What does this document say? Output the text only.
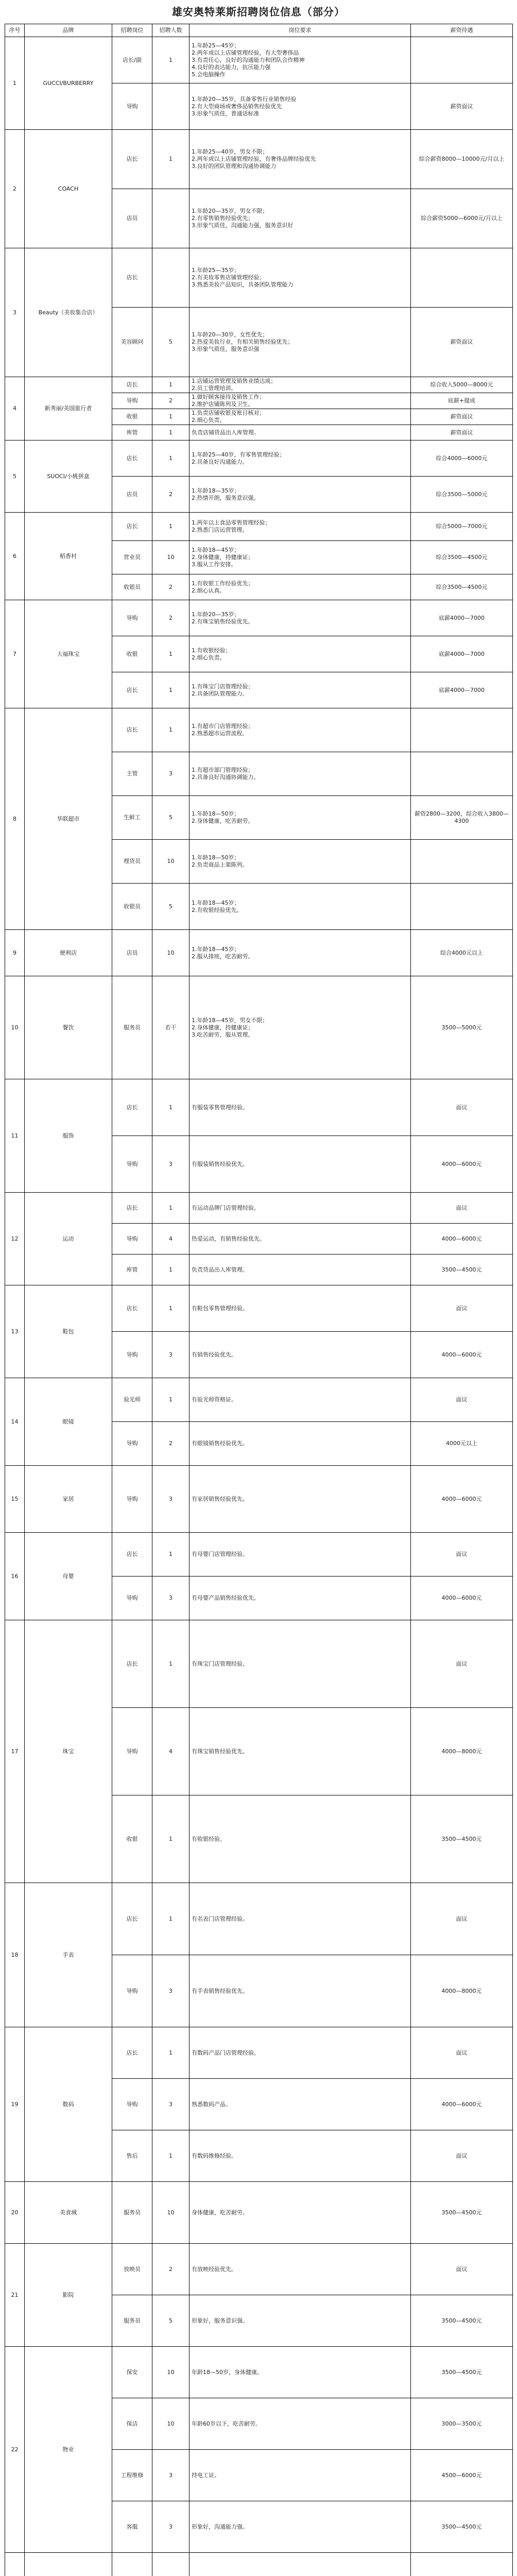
雄安奥特莱斯招聘岗位信息（部分）
序号	品牌	招聘岗位	招聘人数	岗位要求	薪资待遇
1	GUCCI/BURBERRY	店长/副	1	1.年龄25—45岁；
2.两年或以上店铺管理经验，有大型奢侈品
3.有责任心，良好的沟通能力和团队合作精神
4.良好的表达能力，抗压能力强
5.会电脑操作	
		导购		1.年龄20—35岁，具备零售行业销售经验
2.有大型商场或奢侈品销售经验优先
3.形象气质佳，普通话标准	薪资面议
2	COACH	店长	1	1.年龄25—40岁，男女不限；
2.两年或以上店铺管理经验，有奢侈品牌经验优先
3.良好的团队管理和沟通协调能力	综合薪资8000—10000元/月以上
		店员		1.年龄20—35岁，男女不限；
2.有零售销售经验优先；
3.形象气质佳，沟通能力强，服务意识好	综合薪资5000—6000元/月以上
3	Beauty（美妆集合店）	店长		1.年龄25—35岁；
2.有美妆零售店铺管理经验；
3.熟悉美妆产品知识，具备团队管理能力	
		美容顾问	5	1.年龄20—30岁，女性优先；
2.热爱美妆行业，有相关销售经验优先；
3.形象气质佳，服务意识强	薪资面议
4	新秀丽/美国旅行者	店长	1	1.店铺运营管理及销售业绩达成；
2.员工管理培训。	综合收入5000—8000元
		导购	2	1.做好顾客接待及销售工作；
2.维护店铺陈列及卫生。	底薪+提成
		收银	1	1.负责店铺收银及账目核对；
2.细心负责。	薪资面议
		库管	1	负责店铺货品出入库管理。	薪资面议
5	SUOCI/小桃拼盒	店长	1	1.年龄25—40岁，有零售管理经验；
2.具备良好沟通能力。	综合4000—6000元
		店员	2	1.年龄18—35岁；
2.热情开朗，服务意识强。	综合3500—5000元
6	稻香村	店长	1	1.两年以上食品零售管理经验；
2.熟悉门店运营管理。	综合5000—7000元
		营业员	10	1.年龄18—45岁；
2.身体健康，持健康证；
3.服从工作安排。	综合3500—4500元
		收银员	2	1.有收银工作经验优先；
2.细心认真。	综合3500—4500元
7	大福珠宝	导购	2	1.年龄20—35岁；
2.有珠宝销售经验优先。	底薪4000—7000
		收银	1	1.有收银经验；
2.细心负责。	底薪4000—7000
		店长	1	1.有珠宝门店管理经验；
2.具备团队管理能力。	底薪4000—7000
8	华联超市	店长	1	1.有超市门店管理经验；
2.熟悉超市运营流程。	
		主管	3	1.有超市部门管理经验；
2.具备良好沟通协调能力。	
		生鲜工	5	1.年龄18—50岁；
2.身体健康，吃苦耐劳。	薪资2800—3200，综合收入3800—4300
		理货员	10	1.年龄18—50岁；
2.负责商品上架陈列。	
		收银员	5	1.年龄18—45岁；
2.有收银经验优先。	
9	便利店	店员	10	1.年龄18—45岁；
2.服从排班，吃苦耐劳。	综合4000元以上
10	餐饮	服务员	若干	1.年龄18—45岁，男女不限；
2.身体健康，持健康证；
3.吃苦耐劳，服从管理。	3500—5000元
11	服饰	店长	1	有服装零售管理经验。	面议
		导购	3	有服装销售经验优先。	4000—6000元
12	运动	店长	1	有运动品牌门店管理经验。	面议
		导购	4	热爱运动，有销售经验优先。	4000—6000元
		库管	1	负责货品出入库管理。	3500—4500元
13	鞋包	店长	1	有鞋包零售管理经验。	面议
		导购	3	有销售经验优先。	4000—6000元
14	眼镜	验光师	1	有验光师资格证。	面议
		导购	2	有眼镜销售经验优先。	4000元以上
15	家居	导购	3	有家居销售经验优先。	4000—6000元
16	母婴	店长	1	有母婴门店管理经验。	面议
		导购	3	有母婴产品销售经验优先。	4000—6000元
17	珠宝	店长	1	有珠宝门店管理经验。	面议
		导购	4	有珠宝销售经验优先。	4000—8000元
		收银	1	有收银经验。	3500—4500元
18	手表	店长	1	有名表门店管理经验。	面议
		导购	3	有手表销售经验优先。	4000—8000元
19	数码	店长	1	有数码产品门店管理经验。	面议
		导购	3	熟悉数码产品。	4000—6000元
		售后	1	有数码维修经验。	面议
20	美食城	服务员	10	身体健康，吃苦耐劳。	3500—4500元
21	影院	放映员	2	有放映经验优先。	面议
		服务员	5	形象好，服务意识强。	3500—4500元
22	物业	保安	10	年龄18—50岁，身体健康。	3500—4500元
		保洁	10	年龄60岁以下，吃苦耐劳。	3000—3500元
		工程维修	3	持电工证。	4500—6000元
		客服	3	形象好，沟通能力强。	3500—4500元
